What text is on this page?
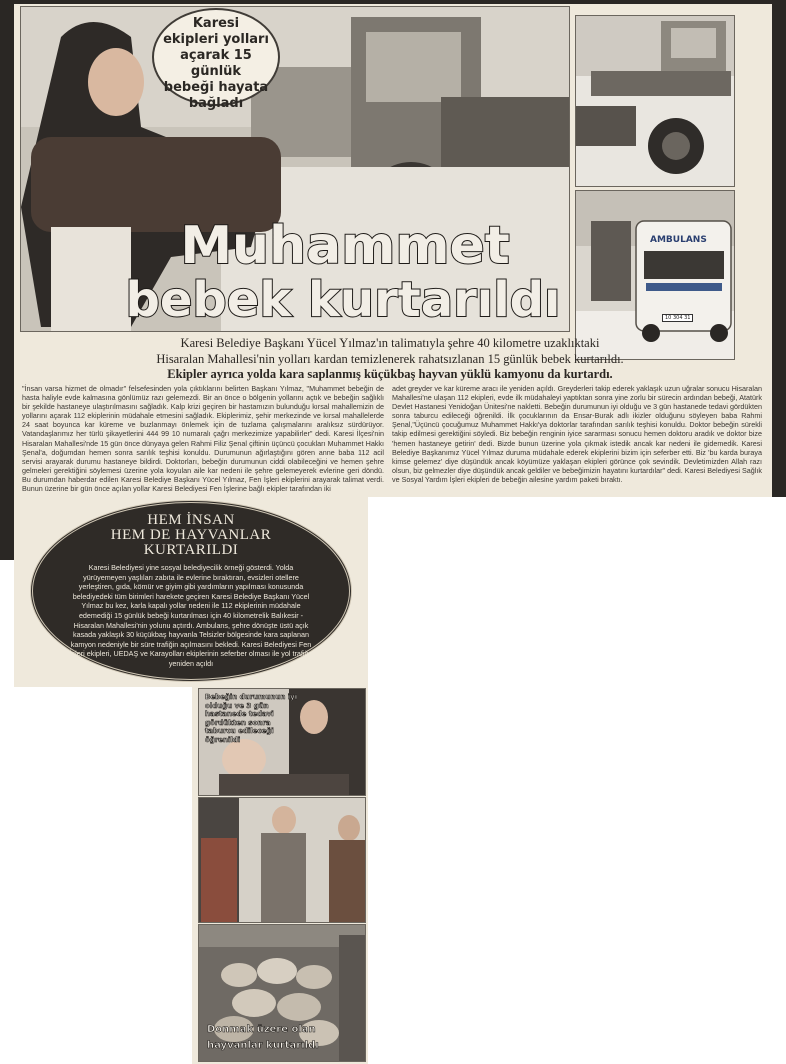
Karesi
ekipleri yolları
açarak 15 günlük
bebeği hayata
bağladı
Muhammet
bebek kurtarıldı
AMBULANS
10 304 31
Karesi Belediye Başkanı Yücel Yılmaz'ın talimatıyla şehre 40 kilometre uzaklıktaki
Hisaralan Mahallesi'nin yolları kardan temizlenerek rahatsızlanan 15 günlük bebek kurtarıldı.
Ekipler ayrıca yolda kara saplanmış küçükbaş hayvan yüklü kamyonu da kurtardı.
"İnsan varsa hizmet de olmadır" felsefesinden yola çıktıklarını belirten Başkanı Yılmaz, "Muhammet bebeğin de hasta haliyle evde kalmasına gönlümüz razı gelemezdi. Bir an önce o bölgenin yollarını açtık ve bebeğin sağlıklı bir şekilde hastaneye ulaştırılmasını sağladık. Kalp krizi geçiren bir hastamızın bulunduğu kırsal mahallemizin de yollarını açarak 112 ekiplerinin müdahale etmesini sağladık. Ekiplerimiz, şehir merkezinde ve kırsal mahallelerde 24 saat boyunca kar küreme ve buzlanmayı önlemek için de tuzlama çalışmalarını aralıksız sürdürüyor. Vatandaşlarımız her türlü şikayetlerini 444 99 10 numaralı çağrı merkezimize yapabilirler" dedi. Karesi İlçesi'nin Hisaralan Mahallesi'nde 15 gün önce dünyaya gelen Rahmi Filiz Şenal çiftinin üçüncü çocukları Muhammet Hakkı Şenal'a, doğumdan hemen sonra sarılık teşhisi konuldu. Durumunun ağırlaştığını gören anne baba 112 acil servisi arayarak durumu hastaneye bildirdi. Doktorları, bebeğin durumunun ciddi olabileceğini ve hemen şehre gelmeleri gerektiğini söylemesi üzerine yola koyulan aile kar nedeni ile şehre gelemeyerek evlerine geri döndü. Bu durumdan haberdar edilen Karesi Belediye Başkanı Yücel Yılmaz, Fen İşleri ekiplerini arayarak talimat verdi. Bunun üzerine bir gün önce açılan yollar Karesi Belediyesi Fen İşlerine bağlı ekipler tarafından iki
adet greyder ve kar küreme aracı ile yeniden açıldı. Greyderleri takip ederek yaklaşık uzun uğralar sonucu Hisaralan Mahallesi'ne ulaşan 112 ekipleri, evde ilk müdahaleyi yaptıktan sonra yine zorlu bir sürecin ardından bebeği, Atatürk Devlet Hastanesi Yenidoğan Ünitesi'ne nakletti. Bebeğin durumunun iyi olduğu ve 3 gün hastanede tedavi gördükten sonra taburcu edileceği öğrenildi. İlk çocuklarının da Ensar-Burak adlı ikizler olduğunu söyleyen baba Rahmi Şenal,"Üçüncü çocuğumuz Muhammet Hakkı'ya doktorlar tarafından sarılık teşhisi konuldu. Doktor bebeğin sürekli takip edilmesi gerektiğini söyledi. Biz bebeğin renginin iyice sararması sonucu hemen doktoru aradık ve doktor bize 'hemen hastaneye getirin' dedi. Bizde bunun üzerine yola çıkmak istedik ancak kar nedeni ile gidemedik. Karesi Belediye Başkanımız Yücel Yılmaz duruma müdahale ederek ekiplerini bizim için seferber etti. Biz 'bu karda buraya kimse gelemez' diye düşündük ancak köyümüze yaklaşan ekipleri görünce çok sevindik. Devletimizden Allah razı olsun, biz gelmezler diye düşündük ancak geldiler ve bebeğimizin hayatını kurtardılar" dedi. Karesi Belediyesi Sağlık ve Sosyal Yardım İşleri ekipleri de bebeğin ailesine yardım paketi bıraktı.
HEM İNSAN
HEM DE HAYVANLAR
KURTARILDI

Karesi Belediyesi yine sosyal belediyecilik örneği gösterdi. Yolda yürüyemeyen yaşlıları zabıta ile evlerine bıraktıran, evsizleri otellere yerleştiren, gıda, kömür ve giyim gibi yardımların yapılması konusunda belediyedeki tüm birimleri harekete geçiren Karesi Belediye Başkanı Yücel Yılmaz bu kez, karla kapalı yollar nedeni ile 112 ekiplerinin müdahale edemediği 15 günlük bebeği kurtarılması için 40 kilometrelik Balıkesir - Hisaralan Mahallesi'nin yolunu açtırdı. Ambulans, şehre dönüşte üstü açık kasada yaklaşık 30 küçükbaş hayvanla Telsizler bölgesinde kara saplanan kamyon nedeniyle bir süre trafiğin açılmasını bekledi. Karesi Belediyesi Fen İşleri ekipleri, UEDAŞ ve Karayolları ekiplerinin seferber olması ile yol trafiğe yeniden açıldı

Bebeğin durumunun iyi olduğu ve 3 gün hastanede tedavi gördükten sonra taburcu edileceği öğrenildi
Donmak üzere olan
hayvanlar kurtarıldı
